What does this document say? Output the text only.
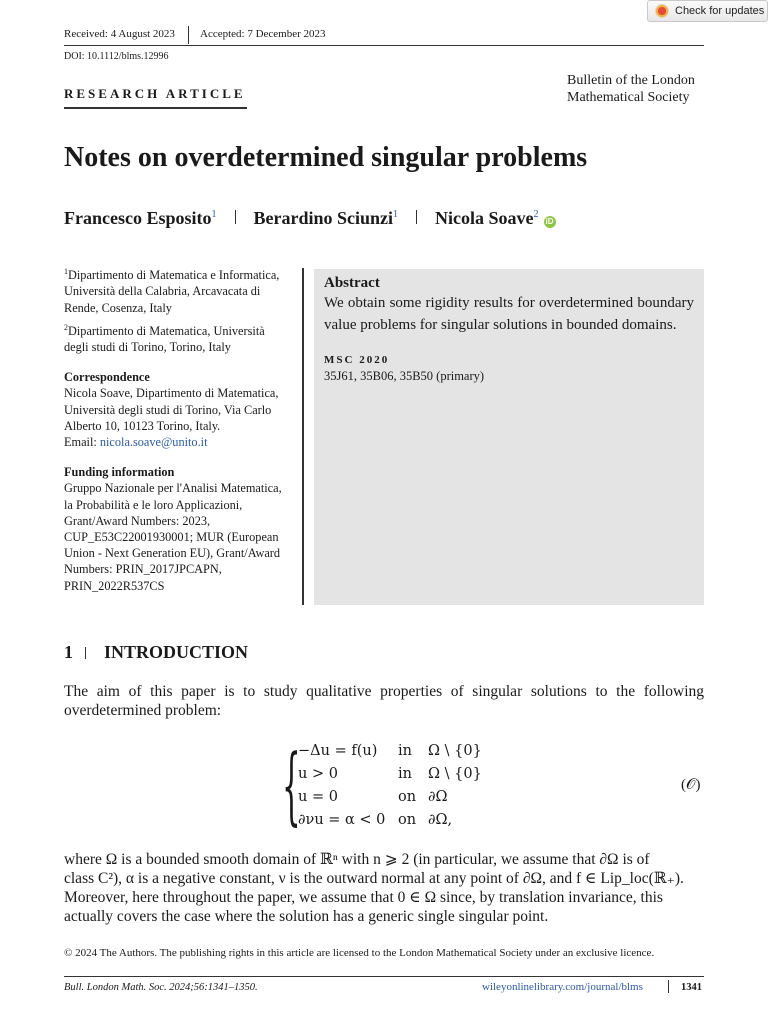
Check for updates
Received: 4 August 2023 Accepted: 7 December 2023
DOI: 10.1112/blms.12996
RESEARCH ARTICLE
Bulletin of the London
Mathematical Society
Notes on overdetermined singular problems
Francesco Esposito$^1$ Berardino Sciunzi$^1$ Nicola Soave$^2$
iD

$^1$Dipartimento di Matematica e Informatica, Università della Calabria, Arcavacata di Rende, Cosenza, Italy

$^2$Dipartimento di Matematica, Università degli studi di Torino, Torino, Italy

Correspondence

Nicola Soave, Dipartimento di Matematica, Università degli studi di Torino, Via Carlo Alberto 10, 10123 Torino, Italy.

Email: nicola.soave@unito.it

Funding information

Gruppo Nazionale per l'Analisi Matematica, la Probabilità e le loro Applicazioni, Grant/Award Numbers: 2023, CUP_E53C22001930001; MUR (European Union - Next Generation EU), Grant/Award Numbers: PRIN_2017JPCAPN, PRIN_2022R537CS

Abstract

We obtain some rigidity results for overdetermined boundary value problems for singular solutions in bounded domains.

MSC 2020
35J61, 35B06, 35B50 (primary)
1 INTRODUCTION
The aim of this paper is to study qualitative properties of singular solutions to the following overdetermined problem:
{
−Δu = f(u) in Ω \ {0}
u > 0	in Ω \ {0}
u = 0	on ∂Ω
∂νu = α < 0 on ∂Ω,
(𝒪)
where Ω is a bounded smooth domain of ℝⁿ with n ⩾ 2 (in particular, we assume that ∂Ω is of
class C²), α is a negative constant, ν is the outward normal at any point of ∂Ω, and f ∈ Lip_loc(ℝ₊).
Moreover, here throughout the paper, we assume that 0 ∈ Ω since, by translation invariance, this
actually covers the case where the solution has a generic single singular point.
© 2024 The Authors. The publishing rights in this article are licensed to the London Mathematical Society under an exclusive licence.
Bull. London Math. Soc. 2024;56:1341–1350.	wileyonlinelibrary.com/journal/blms	1341
